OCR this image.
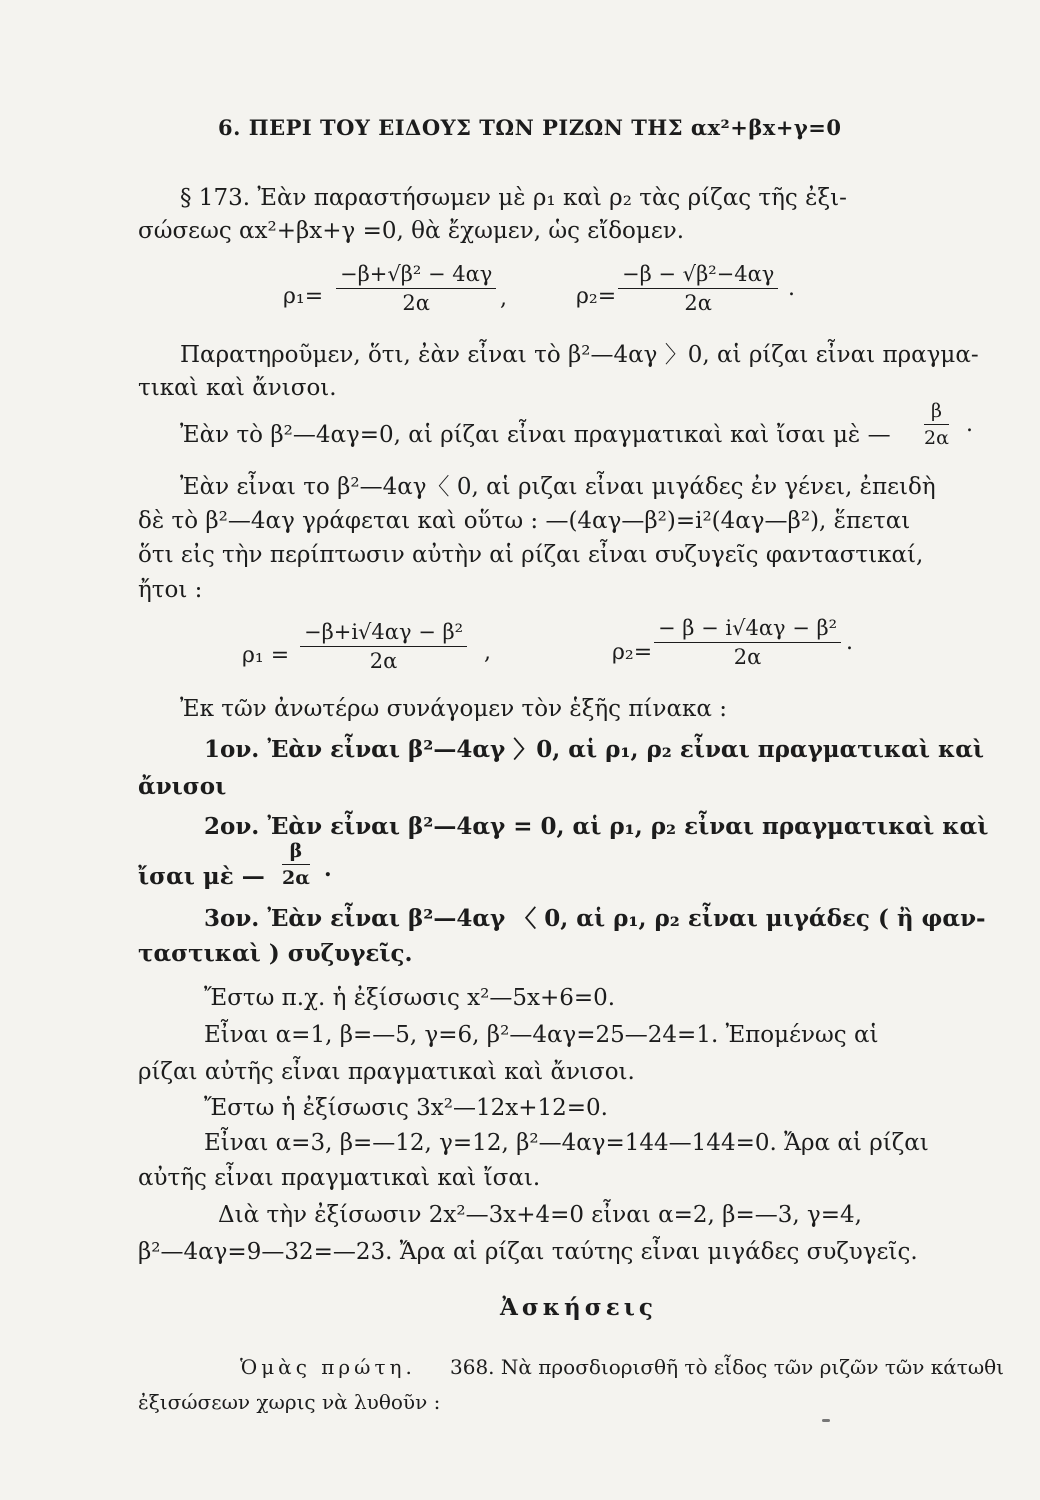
6. ΠΕΡΙ ΤΟΥ ΕΙΔΟΥΣ ΤΩΝ ΡΙΖΩΝ ΤΗΣ αx²+βx+γ=0
§ 173. Ἐὰν παραστήσωμεν μὲ ρ₁ καὶ ρ₂ τὰς ρίζας τῆς ἐξι-
σώσεως αx²+βx+γ =0, θὰ ἔχωμεν, ὡς εἴδομεν.
ρ₁=
−β+√β² − 4αγ
2α	,	ρ₂=
−β − √β²−4αγ
2α
.
Παρατηροῦμεν, ὅτι, ἐὰν εἶναι τὸ β²—4αγ 〉0, αἱ ρίζαι εἶναι πραγμα-
τικαὶ καὶ ἄνισοι.
Ἐὰν τὸ β²—4αγ=0, αἱ ρίζαι εἶναι πραγματικαὶ καὶ ἴσαι μὲ —
β
2α
.
Ἐὰν εἶναι το β²—4αγ〈 0, αἱ ριζαι εἶναι μιγάδες ἐν γένει, ἐπειδὴ
δὲ τὸ β²—4αγ γράφεται καὶ οὕτω : —(4αγ—β²)=i²(4αγ—β²), ἕπεται
ὅτι εἰς τὴν περίπτωσιν αὐτὴν αἱ ρίζαι εἶναι συζυγεῖς φανταστικαί,
ἤτοι :
ρ₁ =
−β+i√4αγ − β²
2α	,	ρ₂=
− β − i√4αγ − β²
2α
.
Ἐκ τῶν ἀνωτέρω συνάγομεν τὸν ἑξῆς πίνακα :
1ον. Ἐὰν εἶναι β²—4αγ 〉0, αἱ ρ₁, ρ₂ εἶναι πραγματικαὶ καὶ
ἄνισοι
2ον. Ἐὰν εἶναι β²—4αγ = 0, αἱ ρ₁, ρ₂ εἶναι πραγματικαὶ καὶ
ἴσαι μὲ —
β
2α .
3ον. Ἐὰν εἶναι β²—4αγ 〈 0, αἱ ρ₁, ρ₂ εἶναι μιγάδες ( ἢ φαν-
ταστικαὶ ) συζυγεῖς.
Ἔστω π.χ. ἡ ἐξίσωσις x²—5x+6=0.
Εἶναι α=1, β=—5, γ=6, β²—4αγ=25—24=1. Ἐπομένως αἱ
ρίζαι αὐτῆς εἶναι πραγματικαὶ καὶ ἄνισοι.
Ἔστω ἡ ἐξίσωσις 3x²—12x+12=0.
Εἶναι α=3, β=—12, γ=12, β²—4αγ=144—144=0. Ἄρα αἱ ρίζαι
αὐτῆς εἶναι πραγματικαὶ καὶ ἴσαι.
Διὰ τὴν ἐξίσωσιν 2x²—3x+4=0 εἶναι α=2, β=—3, γ=4,
β²—4αγ=9—32=—23. Ἄρα αἱ ρίζαι ταύτης εἶναι μιγάδες συζυγεῖς.
Ἀσκήσεις
Ὁμὰς πρώτη. 368. Νὰ προσδιορισθῆ τὸ εἶδος τῶν ριζῶν τῶν κάτωθι
ἐξισώσεων χωρις νὰ λυθοῦν :
